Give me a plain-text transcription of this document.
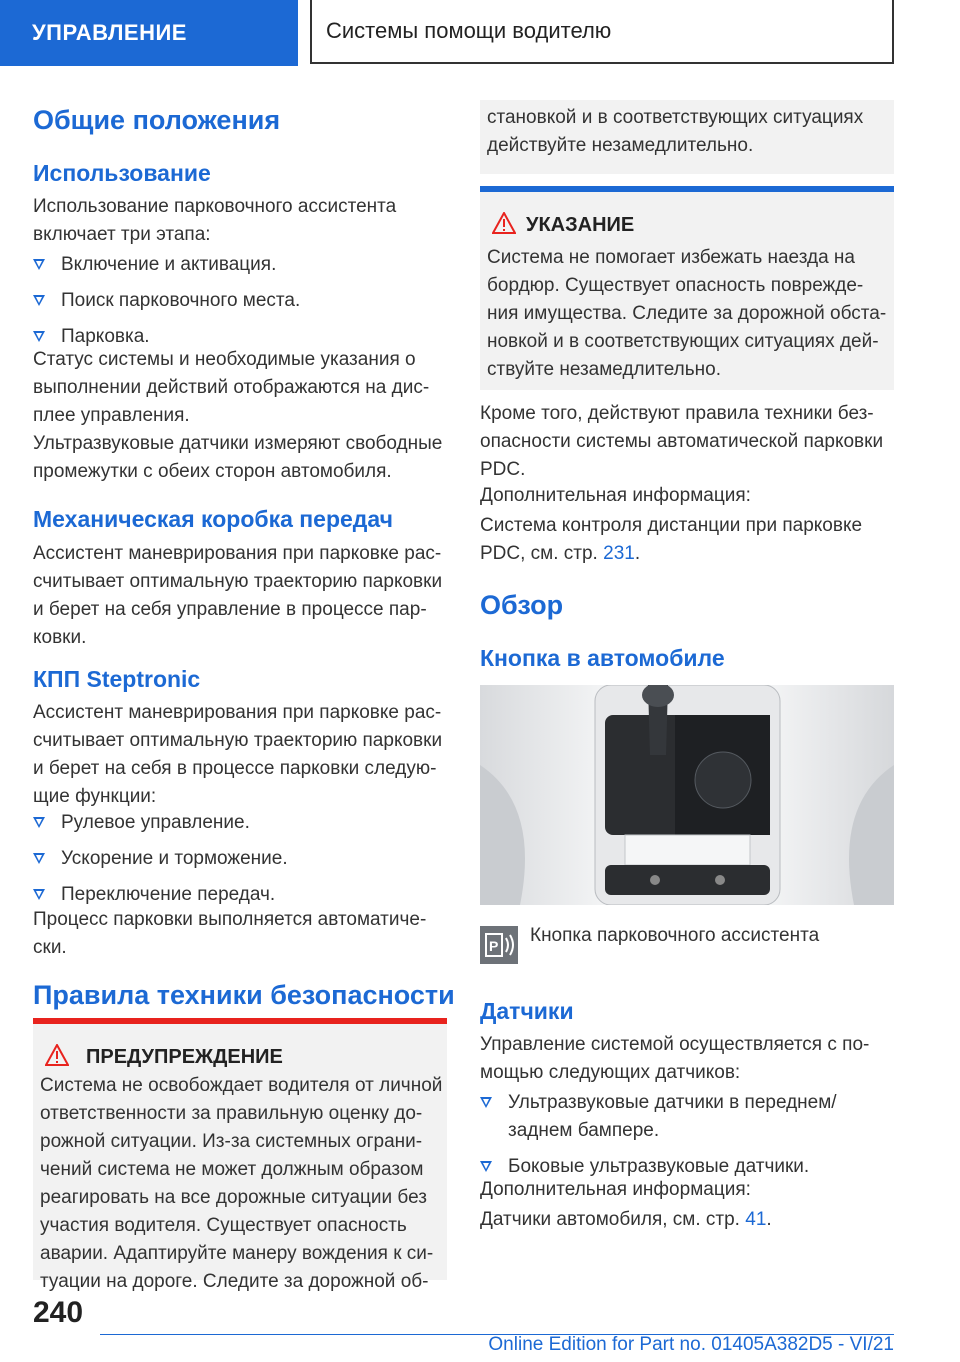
УПРАВЛЕНИЕ	Системы помощи водителю
Общие положения
Использование

Использование парковочного ассистента

включает три этапа:

Включение и активация.

Поиск парковочного места.

Парковка.

Статус системы и необходимые указания о

выполнении действий отображаются на дис-

плее управления.

Ультразвуковые датчики измеряют свободные

промежутки с обеих сторон автомобиля.

Механическая коробка передач

Ассистент маневрирования при парковке рас-

считывает оптимальную траекторию парковки

и берет на себя управление в процессе пар-

ковки.

КПП Steptronic

Ассистент маневрирования при парковке рас-

считывает оптимальную траекторию парковки

и берет на себя в процессе парковки следую-

щие функции:

Рулевое управление.

Ускорение и торможение.

Переключение передач.

Процесс парковки выполняется автоматиче-

ски.

Правила техники безопасности
ПРЕДУПРЕЖДЕНИЕ

Система не освобождает водителя от личной

ответственности за правильную оценку до-

рожной ситуации. Из-за системных ограни-

чений система не может должным образом

реагировать на все дорожные ситуации без

участия водителя. Существует опасность

аварии. Адаптируйте манеру вождения к си-

туации на дороге. Следите за дорожной об-

становкой и в соответствующих ситуациях

действуйте незамедлительно.

УКАЗАНИЕ

Система не помогает избежать наезда на

бордюр. Существует опасность поврежде-

ния имущества. Следите за дорожной обста-

новкой и в соответствующих ситуациях дей-

ствуйте незамедлительно.

Кроме того, действуют правила техники без-

опасности системы автоматической парковки

PDC.

Дополнительная информация:

Система контроля дистанции при парковке

PDC, см. стр. 231.

Обзор
Кнопка в автомобиле
P Кнопка парковочного ассистента

Датчики

Управление системой осуществляется с по-

мощью следующих датчиков:

Ультразвуковые датчики в переднем/
заднем бампере.

Боковые ультразвуковые датчики.

Дополнительная информация:

Датчики автомобиля, см. стр. 41.

240
Online Edition for Part no. 01405A382D5 - VI/21
